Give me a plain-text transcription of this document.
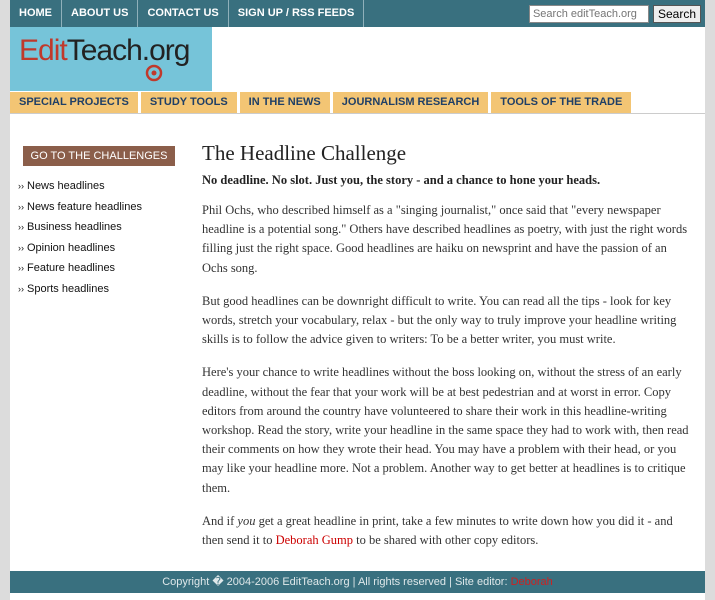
HOME	ABOUT US	CONTACT US	SIGN UP / RSS FEEDS
Search editTeach.org	Search
EditTeach.org
SPECIAL PROJECTS	STUDY TOOLS	IN THE NEWS	JOURNALISM RESEARCH	TOOLS OF THE TRADE
GO TO THE CHALLENGES
›› News headlines
›› News feature headlines
›› Business headlines
›› Opinion headlines
›› Feature headlines
›› Sports headlines
The Headline Challenge

No deadline. No slot. Just you, the story - and a chance to hone your heads.

Phil Ochs, who described himself as a "singing journalist," once said that "every newspaper headline is a potential song." Others have described headlines as poetry, with just the right words filling just the right space. Good headlines are haiku on newsprint and have the passion of an Ochs song.

But good headlines can be downright difficult to write. You can read all the tips - look for key words, stretch your vocabulary, relax - but the only way to truly improve your headline writing skills is to follow the advice given to writers: To be a better writer, you must write.

Here's your chance to write headlines without the boss looking on, without the stress of an early deadline, without the fear that your work will be at best pedestrian and at worst in error. Copy editors from around the country have volunteered to share their work in this headline-writing workshop. Read the story, write your headline in the same space they had to work with, then read their comments on how they wrote their head. You may have a problem with their head, or you may like your headline more. Not a problem. Another way to get better at headlines is to critique them.

And if you get a great headline in print, take a few minutes to write down how you did it - and then send it to Deborah Gump to be shared with other copy editors.

Copyright � 2004-2006 EditTeach.org | All rights reserved | Site editor: Deborah
